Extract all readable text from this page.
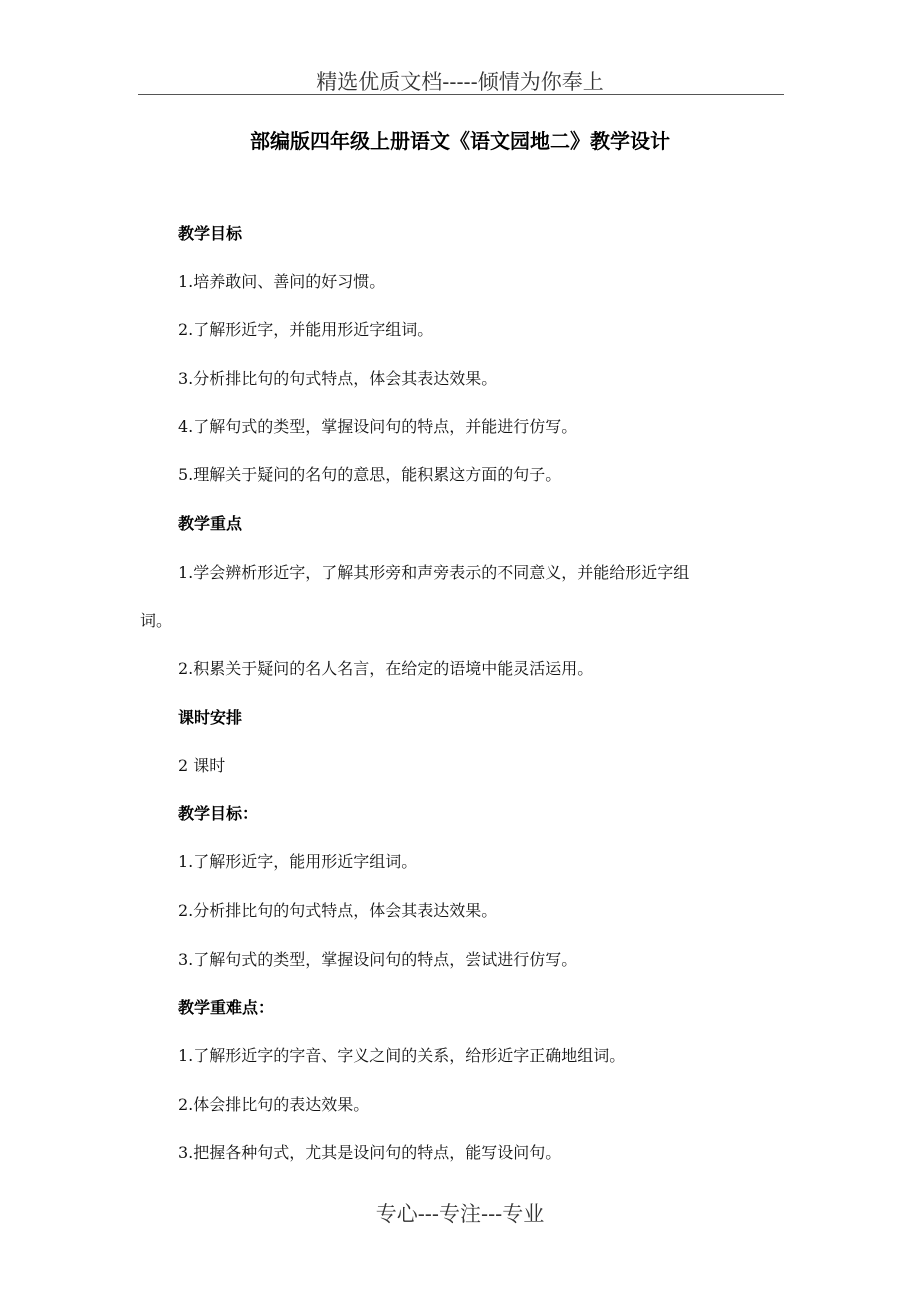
精选优质文档-----倾情为你奉上
部编版四年级上册语文《语文园地二》教学设计
教学目标
1.培养敢问、善问的好习惯。
2.了解形近字，并能用形近字组词。
3.分析排比句的句式特点，体会其表达效果。
4.了解句式的类型，掌握设问句的特点，并能进行仿写。
5.理解关于疑问的名句的意思，能积累这方面的句子。
教学重点
1.学会辨析形近字，了解其形旁和声旁表示的不同意义，并能给形近字组
词。
2.积累关于疑问的名人名言，在给定的语境中能灵活运用。
课时安排
2 课时
教学目标：
1.了解形近字，能用形近字组词。
2.分析排比句的句式特点，体会其表达效果。
3.了解句式的类型，掌握设问句的特点，尝试进行仿写。
教学重难点：
1.了解形近字的字音、字义之间的关系，给形近字正确地组词。
2.体会排比句的表达效果。
3.把握各种句式，尤其是设问句的特点，能写设问句。
专心---专注---专业
